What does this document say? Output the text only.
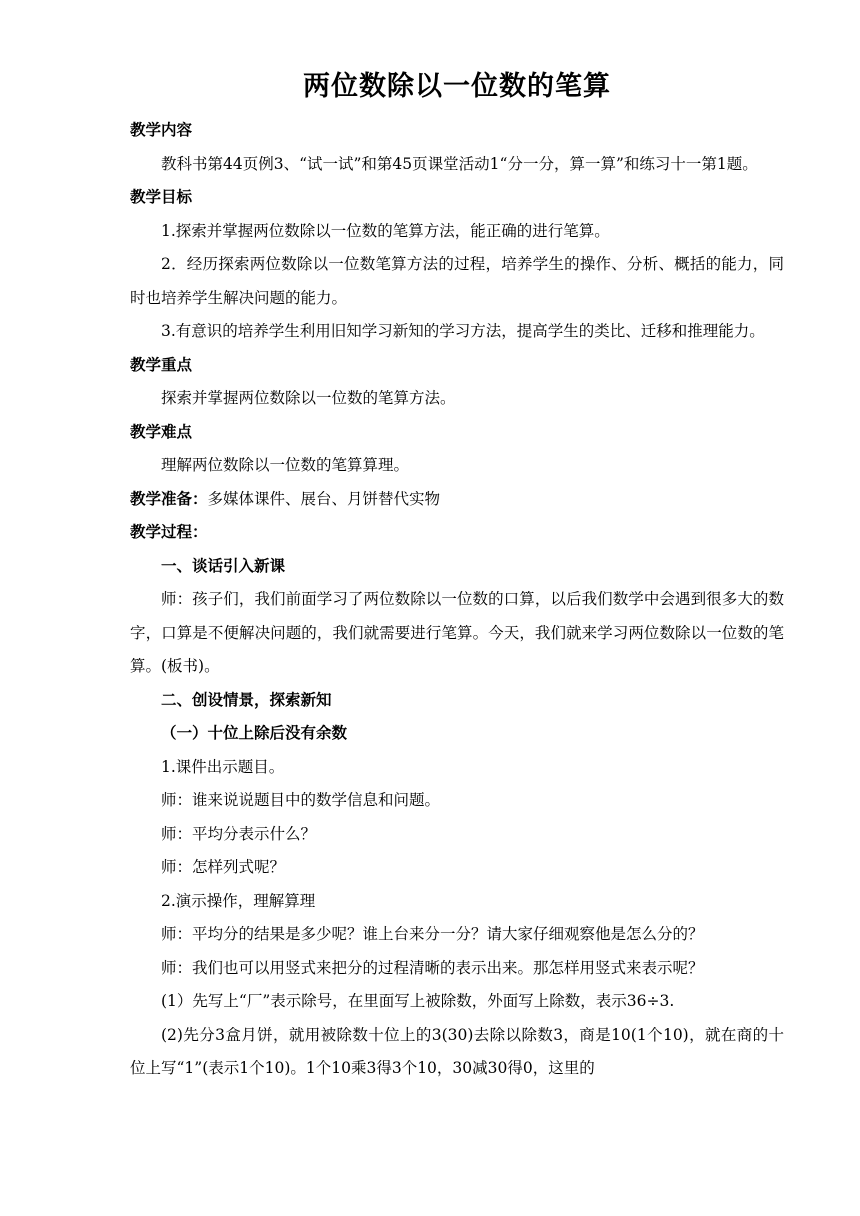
两位数除以一位数的笔算

教学内容

教科书第44页例3、“试一试”和第45页课堂活动1“分一分，算一算”和练习十一第1题。

教学目标

1.探索并掌握两位数除以一位数的笔算方法，能正确的进行笔算。

2．经历探索两位数除以一位数笔算方法的过程，培养学生的操作、分析、概括的能力，同时也培养学生解决问题的能力。

3.有意识的培养学生利用旧知学习新知的学习方法，提高学生的类比、迁移和推理能力。

教学重点

探索并掌握两位数除以一位数的笔算方法。

教学难点

理解两位数除以一位数的笔算算理。

教学准备：多媒体课件、展台、月饼替代实物

教学过程：

一、谈话引入新课

师：孩子们，我们前面学习了两位数除以一位数的口算，以后我们数学中会遇到很多大的数字，口算是不便解决问题的，我们就需要进行笔算。今天，我们就来学习两位数除以一位数的笔算。(板书)。

二、创设情景，探索新知

（一）十位上除后没有余数

1.课件出示题目。

师：谁来说说题目中的数学信息和问题。

师：平均分表示什么？

师：怎样列式呢？

2.演示操作，理解算理

师：平均分的结果是多少呢？谁上台来分一分？请大家仔细观察他是怎么分的？

师：我们也可以用竖式来把分的过程清晰的表示出来。那怎样用竖式来表示呢？

(1）先写上“厂”表示除号，在里面写上被除数，外面写上除数，表示36÷3.

(2)先分3盒月饼，就用被除数十位上的3(30)去除以除数3，商是10(1个10)，就在商的十位上写“1”(表示1个10)。1个10乘3得3个10，30减30得0，这里的
